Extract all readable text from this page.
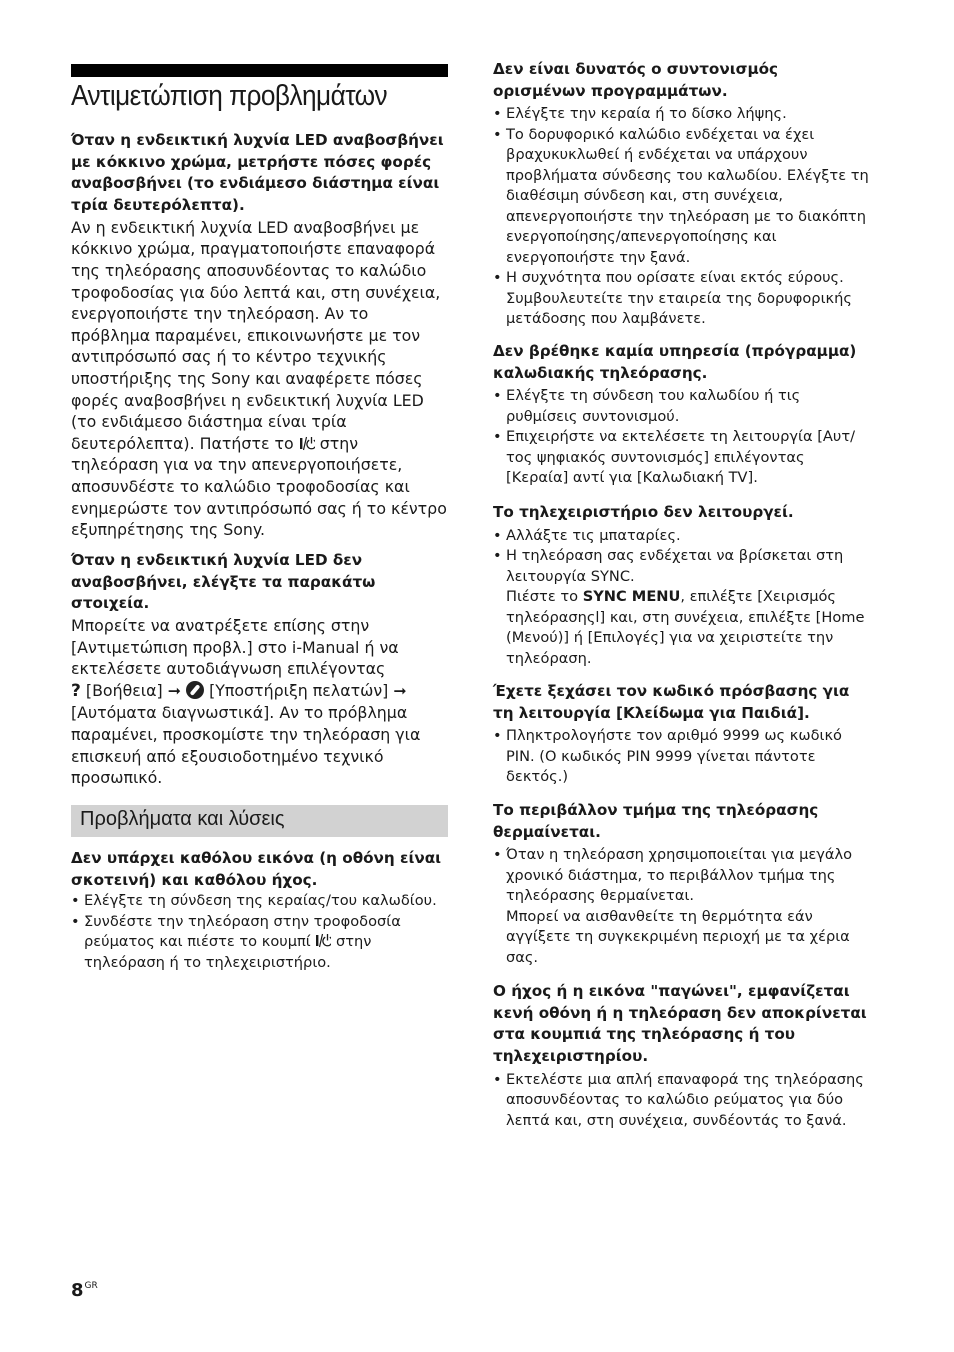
Αντιμετώπιση προβλημάτων

Όταν η ενδεικτική λυχνία LED αναβοσβήνει με κόκκινο χρώμα, μετρήστε πόσες φορές αναβοσβήνει (το ενδιάμεσο διάστημα είναι τρία δευτερόλεπτα).

Αν η ενδεικτική λυχνία LED αναβοσβήνει με κόκκινο χρώμα, πραγματοποιήστε επαναφορά της τηλεόρασης αποσυνδέοντας το καλώδιο τροφοδοσίας για δύο λεπτά και, στη συνέχεια, ενεργοποιήστε την τηλεόραση. Αν το πρόβλημα παραμένει, επικοινωνήστε με τον αντιπρόσωπό σας ή το κέντρο τεχνικής υποστήριξης της Sony και αναφέρετε πόσες φορές αναβοσβήνει η ενδεικτική λυχνία LED (το ενδιάμεσο διάστημα είναι τρία δευτερόλεπτα). Πατήστε το  στην τηλεόραση για να την απενεργοποιήσετε, αποσυνδέστε το καλώδιο τροφοδοσίας και ενημερώστε τον αντιπρόσωπό σας ή το κέντρο εξυπηρέτησης της Sony.

Όταν η ενδεικτική λυχνία LED δεν αναβοσβήνει, ελέγξτε τα παρακάτω στοιχεία.

Μπορείτε να ανατρέξετε επίσης στην [Αντιμετώπιση προβλ.] στο i-Manual ή να εκτελέσετε αυτοδιάγνωση επιλέγοντας
? [Βοήθεια] ➞ [Υποστήριξη πελατών] ➞ [Αυτόματα διαγνωστικά]. Αν το πρόβλημα παραμένει, προσκομίστε την τηλεόραση για επισκευή από εξουσιοδοτημένο τεχνικό προσωπικό.

Προβλήματα και λύσεις

Δεν υπάρχει καθόλου εικόνα (η οθόνη είναι σκοτεινή) και καθόλου ήχος.

• Ελέγξτε τη σύνδεση της κεραίας/του καλωδίου.
• Συνδέστε την τηλεόραση στην τροφοδοσία ρεύματος και πιέστε το κουμπί  στην τηλεόραση ή το τηλεχειριστήριο.

Δεν είναι δυνατός ο συντονισμός ορισμένων προγραμμάτων.

• Ελέγξτε την κεραία ή το δίσκο λήψης.
• Το δορυφορικό καλώδιο ενδέχεται να έχει βραχυκυκλωθεί ή ενδέχεται να υπάρχουν προβλήματα σύνδεσης του καλωδίου. Ελέγξτε τη διαθέσιμη σύνδεση και, στη συνέχεια, απενεργοποιήστε την τηλεόραση με το διακόπτη ενεργοποίησης/απενεργοποίησης και ενεργοποιήστε την ξανά.
• Η συχνότητα που ορίσατε είναι εκτός εύρους. Συμβουλευτείτε την εταιρεία της δορυφορικής μετάδοσης που λαμβάνετε.

Δεν βρέθηκε καμία υπηρεσία (πρόγραμμα) καλωδιακής τηλεόρασης.

• Ελέγξτε τη σύνδεση του καλωδίου ή τις ρυθμίσεις συντονισμού.
• Επιχειρήστε να εκτελέσετε τη λειτουργία [Αυτ/τος ψηφιακός συντονισμός] επιλέγοντας [Κεραία] αντί για [Καλωδιακή TV].

Το τηλεχειριστήριο δεν λειτουργεί.

• Αλλάξτε τις μπαταρίες.
• Η τηλεόραση σας ενδέχεται να βρίσκεται στη λειτουργία SYNC.
Πιέστε το SYNC MENU, επιλέξτε [Χειρισμός τηλεόρασηςl] και, στη συνέχεια, επιλέξτε [Home (Μενού)] ή [Επιλογές] για να χειριστείτε την τηλεόραση.

Έχετε ξεχάσει τον κωδικό πρόσβασης για τη λειτουργία [Κλείδωμα για Παιδιά].

• Πληκτρολογήστε τον αριθμό 9999 ως κωδικό PIN. (Ο κωδικός PIN 9999 γίνεται πάντοτε δεκτός.)

Το περιβάλλον τμήμα της τηλεόρασης θερμαίνεται.

• Όταν η τηλεόραση χρησιμοποιείται για μεγάλο χρονικό διάστημα, το περιβάλλον τμήμα της τηλεόρασης θερμαίνεται.
Μπορεί να αισθανθείτε τη θερμότητα εάν αγγίξετε τη συγκεκριμένη περιοχή με τα χέρια σας.

Ο ήχος ή η εικόνα "παγώνει", εμφανίζεται κενή οθόνη ή η τηλεόραση δεν αποκρίνεται στα κουμπιά της τηλεόρασης ή του τηλεχειριστηρίου.

• Εκτελέστε μια απλή επαναφορά της τηλεόρασης αποσυνδέοντας το καλώδιο ρεύματος για δύο λεπτά και, στη συνέχεια, συνδέοντάς το ξανά.
$8^{GR}$
